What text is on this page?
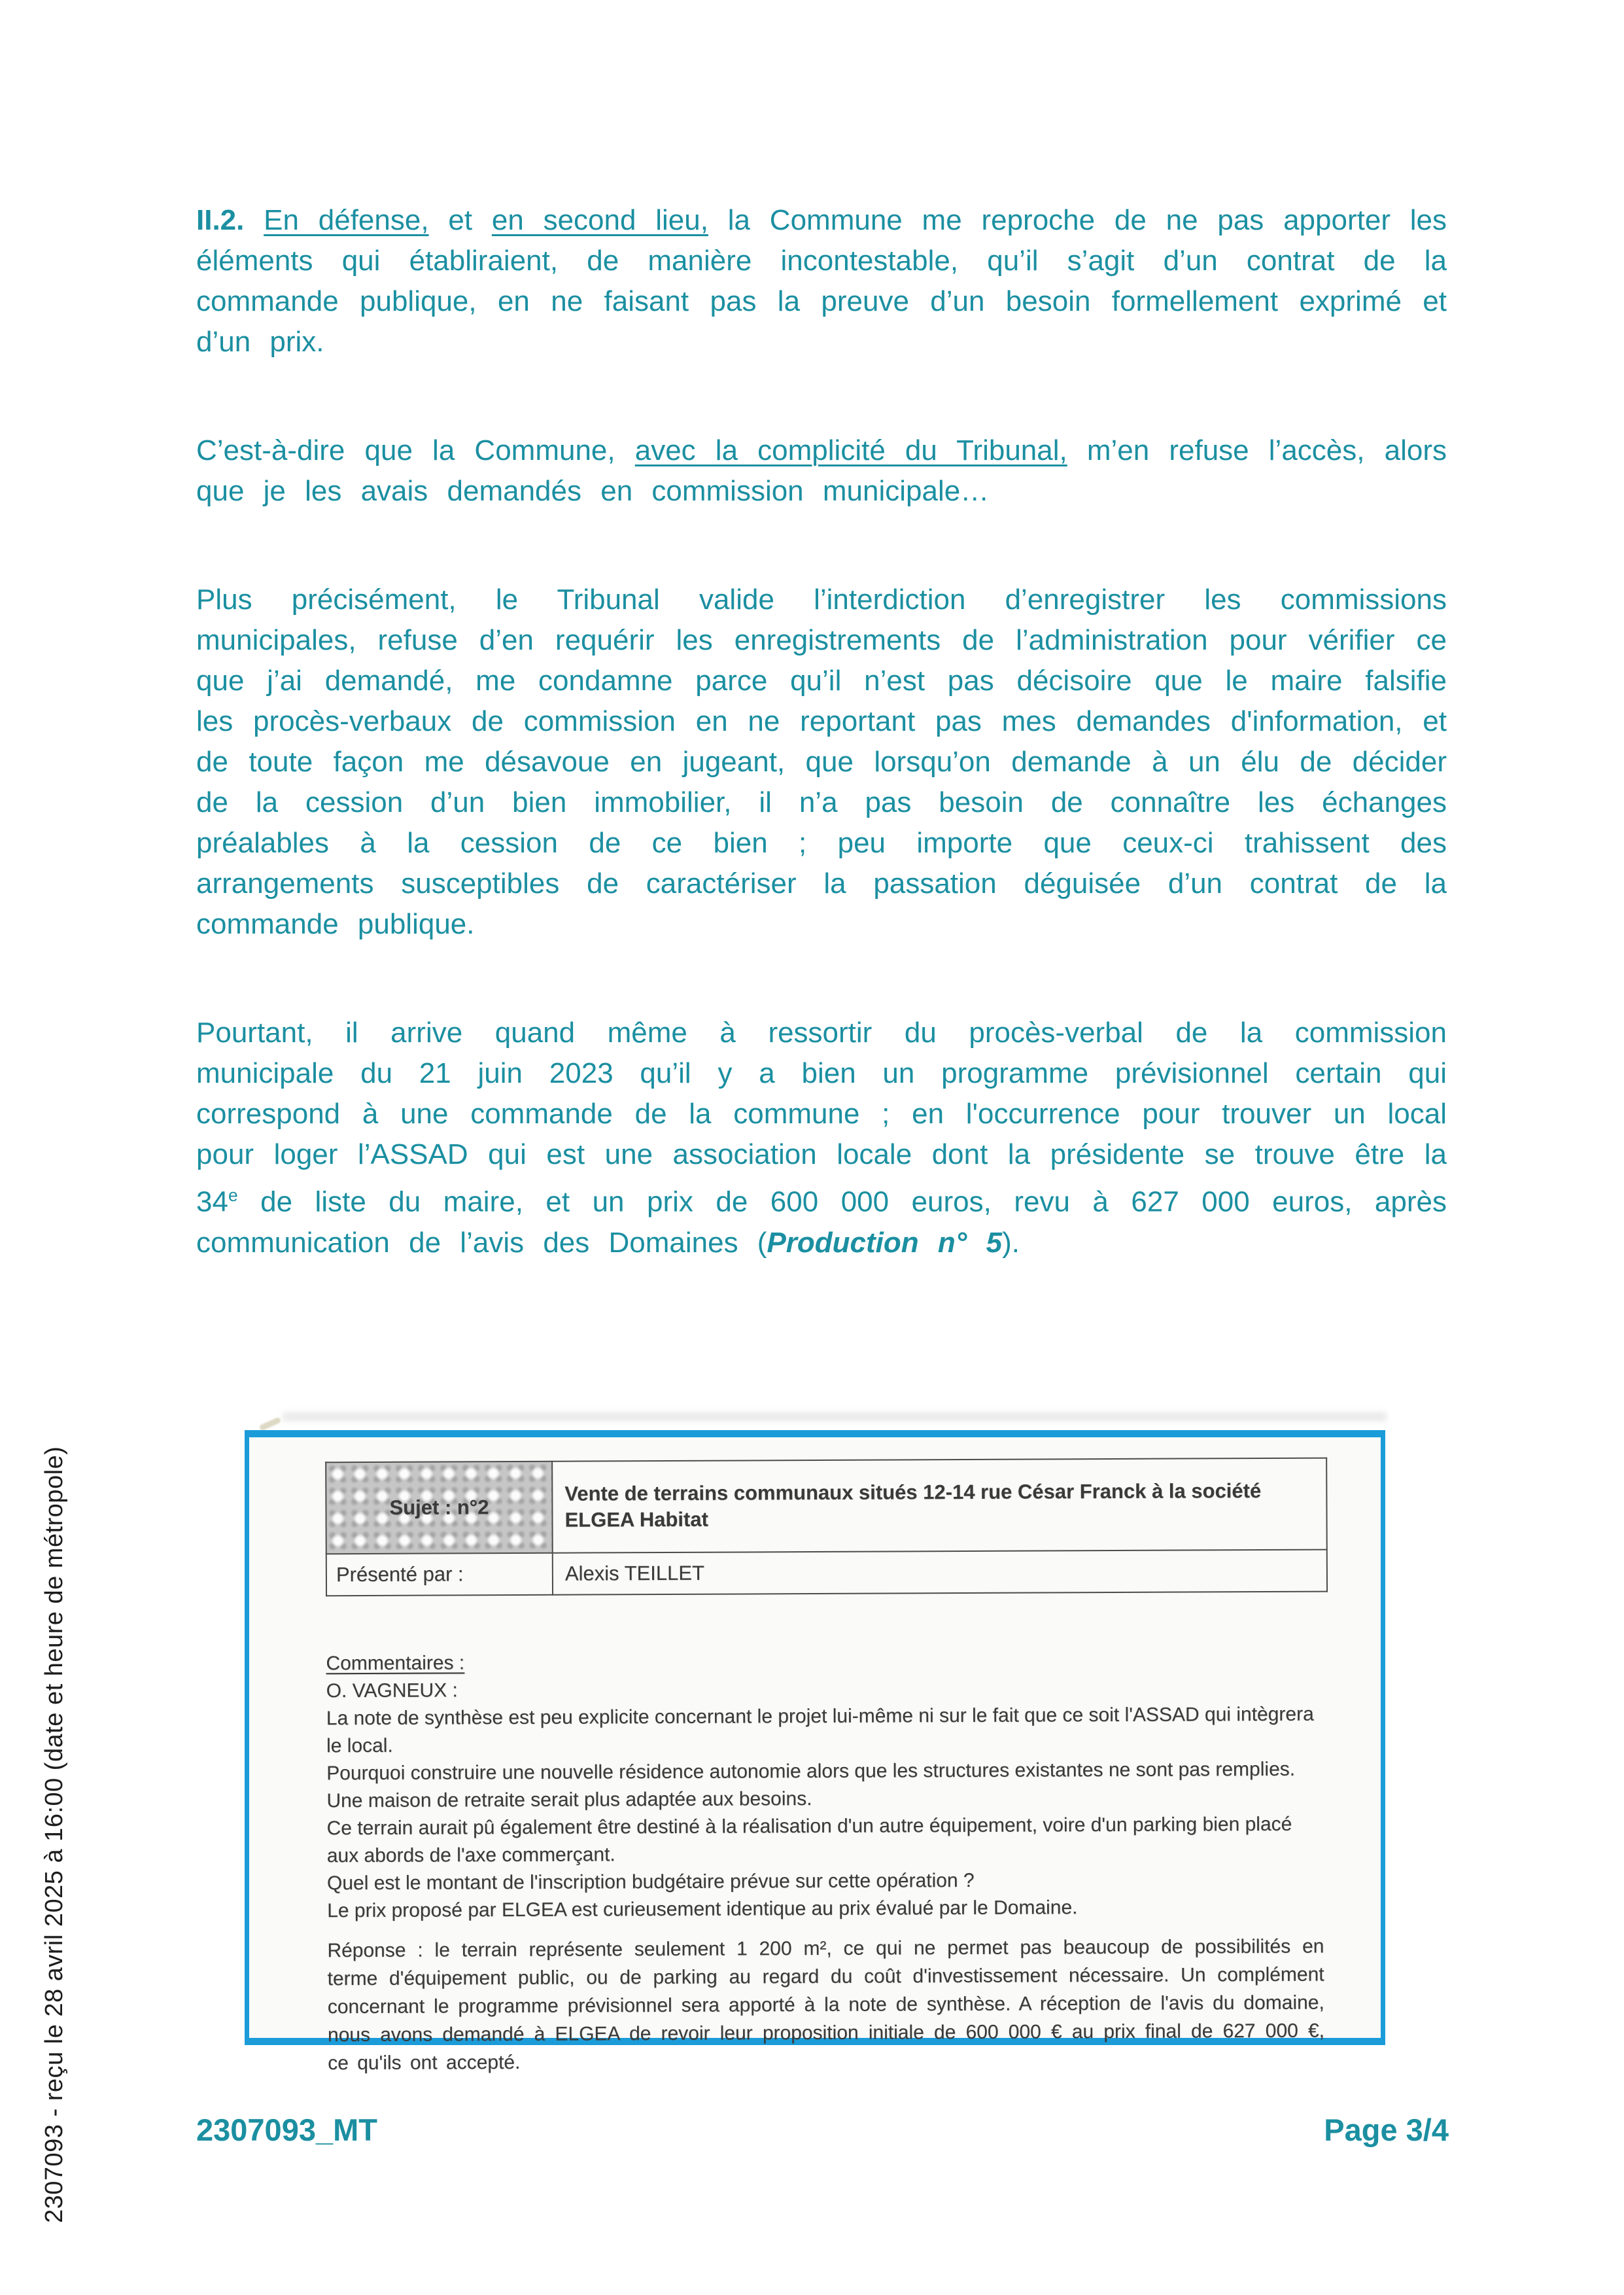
2307093 - reçu le 28 avril 2025 à 16:00 (date et heure de métropole)

II.2. En défense, et en second lieu, la Commune me reproche de ne pas apporter les éléments qui établiraient, de manière incontestable, qu’il s’agit d’un contrat de la commande publique, en ne faisant pas la preuve d’un besoin formellement exprimé et d’un prix.

C’est-à-dire que la Commune, avec la complicité du Tribunal, m’en refuse l’accès, alors que je les avais demandés en commission municipale…

Plus précisément, le Tribunal valide l’interdiction d’enregistrer les commissions municipales, refuse d’en requérir les enregistrements de l’administration pour vérifier ce que j’ai demandé, me condamne parce qu’il n’est pas décisoire que le maire falsifie les procès-verbaux de commission en ne reportant pas mes demandes d'information, et de toute façon me désavoue en jugeant, que lorsqu’on demande à un élu de décider de la cession d’un bien immobilier, il n’a pas besoin de connaître les échanges préalables à la cession de ce bien ; peu importe que ceux-ci trahissent des arrangements susceptibles de caractériser la passation déguisée d’un contrat de la commande publique.

Pourtant, il arrive quand même à ressortir du procès-verbal de la commission municipale du 21 juin 2023 qu’il y a bien un programme prévisionnel certain qui correspond à une commande de la commune ; en l'occurrence pour trouver un local pour loger l’ASSAD qui est une association locale dont la présidente se trouve être la 34e de liste du maire, et un prix de 600 000 euros, revu à 627 000 euros, après communication de l’avis des Domaines (Production n° 5).

Sujet : n°2	Vente de terrains communaux situés 12-14 rue César Franck à la société ELGEA Habitat
Présenté par :	Alexis TEILLET

Commentaires :

O. VAGNEUX :

La note de synthèse est peu explicite concernant le projet lui-même ni sur le fait que ce soit l'ASSAD qui intègrera le local.

Pourquoi construire une nouvelle résidence autonomie alors que les structures existantes ne sont pas remplies. Une maison de retraite serait plus adaptée aux besoins.

Ce terrain aurait pû également être destiné à la réalisation d'un autre équipement, voire d'un parking bien placé aux abords de l'axe commerçant.

Quel est le montant de l'inscription budgétaire prévue sur cette opération ?

Le prix proposé par ELGEA est curieusement identique au prix évalué par le Domaine.

Réponse : le terrain représente seulement 1 200 m², ce qui ne permet pas beaucoup de possibilités en terme d'équipement public, ou de parking au regard du coût d'investissement nécessaire. Un complément concernant le programme prévisionnel sera apporté à la note de synthèse. A réception de l'avis du domaine, nous avons demandé à ELGEA de revoir leur proposition initiale de 600 000 € au prix final de 627 000 €, ce qu'ils ont accepté.

2307093_MT	Page 3/4
